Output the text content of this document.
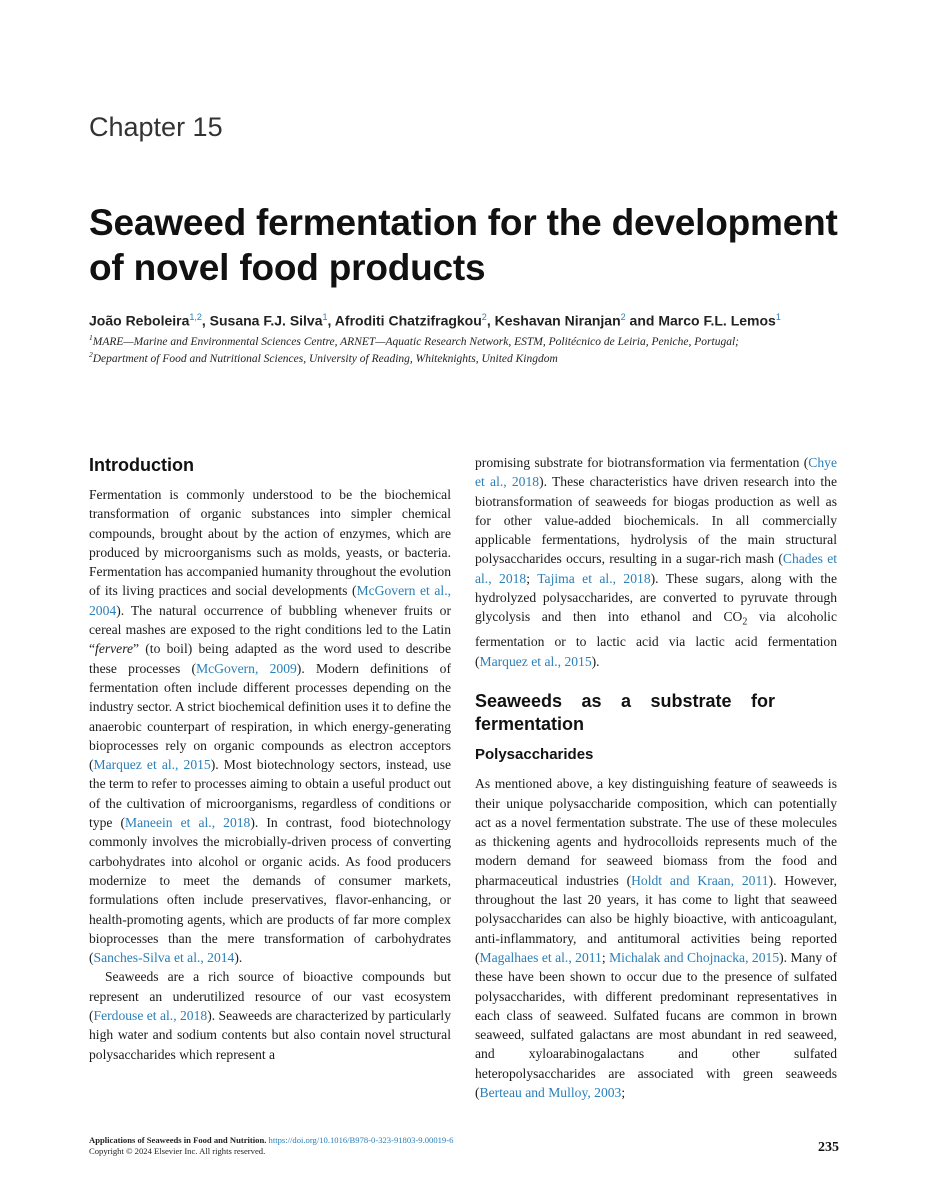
Chapter 15
Seaweed fermentation for the development of novel food products
João Reboleira$^{1,2}$, Susana F.J. Silva$^1$, Afroditi Chatzifragkou$^2$, Keshavan Niranjan$^2$ and Marco F.L. Lemos$^1$
$^1$MARE—Marine and Environmental Sciences Centre, ARNET—Aquatic Research Network, ESTM, Politécnico de Leiria, Peniche, Portugal;
$^2$Department of Food and Nutritional Sciences, University of Reading, Whiteknights, United Kingdom
Introduction

Fermentation is commonly understood to be the biochemical transformation of organic substances into simpler chemical compounds, brought about by the action of enzymes, which are produced by microorganisms such as molds, yeasts, or bacteria. Fermentation has accompanied humanity throughout the evolution of its living practices and social developments (McGovern et al., 2004). The natural occurrence of bubbling whenever fruits or cereal mashes are exposed to the right conditions led to the Latin “fervere” (to boil) being adapted as the word used to describe these processes (McGovern, 2009). Modern definitions of fermentation often include different processes depending on the industry sector. A strict biochemical definition uses it to define the anaerobic counterpart of respiration, in which energy-generating bioprocesses rely on organic compounds as electron acceptors (Marquez et al., 2015). Most biotechnology sectors, instead, use the term to refer to processes aiming to obtain a useful product out of the cultivation of microorganisms, regardless of conditions or type (Maneein et al., 2018). In contrast, food biotechnology commonly involves the microbially-driven process of converting carbohydrates into alcohol or organic acids. As food producers modernize to meet the demands of consumer markets, formulations often include preservatives, flavor-enhancing, or health-promoting agents, which are products of far more complex bioprocesses than the mere transformation of carbohydrates (Sanches-Silva et al., 2014).

Seaweeds are a rich source of bioactive compounds but represent an underutilized resource of our vast ecosystem (Ferdouse et al., 2018). Seaweeds are characterized by particularly high water and sodium contents but also contain novel structural polysaccharides which represent a

promising substrate for biotransformation via fermentation (Chye et al., 2018). These characteristics have driven research into the biotransformation of seaweeds for biogas production as well as for other value-added biochemicals. In all commercially applicable fermentations, hydrolysis of the main structural polysaccharides occurs, resulting in a sugar-rich mash (Chades et al., 2018; Tajima et al., 2018). These sugars, along with the hydrolyzed polysaccharides, are converted to pyruvate through glycolysis and then into ethanol and $CO_2$ via alcoholic fermentation or to lactic acid via lactic acid fermentation (Marquez et al., 2015).

Seaweeds as a substrate for fermentation
Polysaccharides

As mentioned above, a key distinguishing feature of seaweeds is their unique polysaccharide composition, which can potentially act as a novel fermentation substrate. The use of these molecules as thickening agents and hydrocolloids represents much of the modern demand for seaweed biomass from the food and pharmaceutical industries (Holdt and Kraan, 2011). However, throughout the last 20 years, it has come to light that seaweed polysaccharides can also be highly bioactive, with anticoagulant, anti-inflammatory, and antitumoral activities being reported (Magalhaes et al., 2011; Michalak and Chojnacka, 2015). Many of these have been shown to occur due to the presence of sulfated polysaccharides, with different predominant representatives in each class of seaweed. Sulfated fucans are common in brown seaweed, sulfated galactans are most abundant in red seaweed, and xyloarabinogalactans and other sulfated heteropolysaccharides are associated with green seaweeds (Berteau and Mulloy, 2003;

Applications of Seaweeds in Food and Nutrition. https://doi.org/10.1016/B978-0-323-91803-9.00019-6
Copyright © 2024 Elsevier Inc. All rights reserved.	235
